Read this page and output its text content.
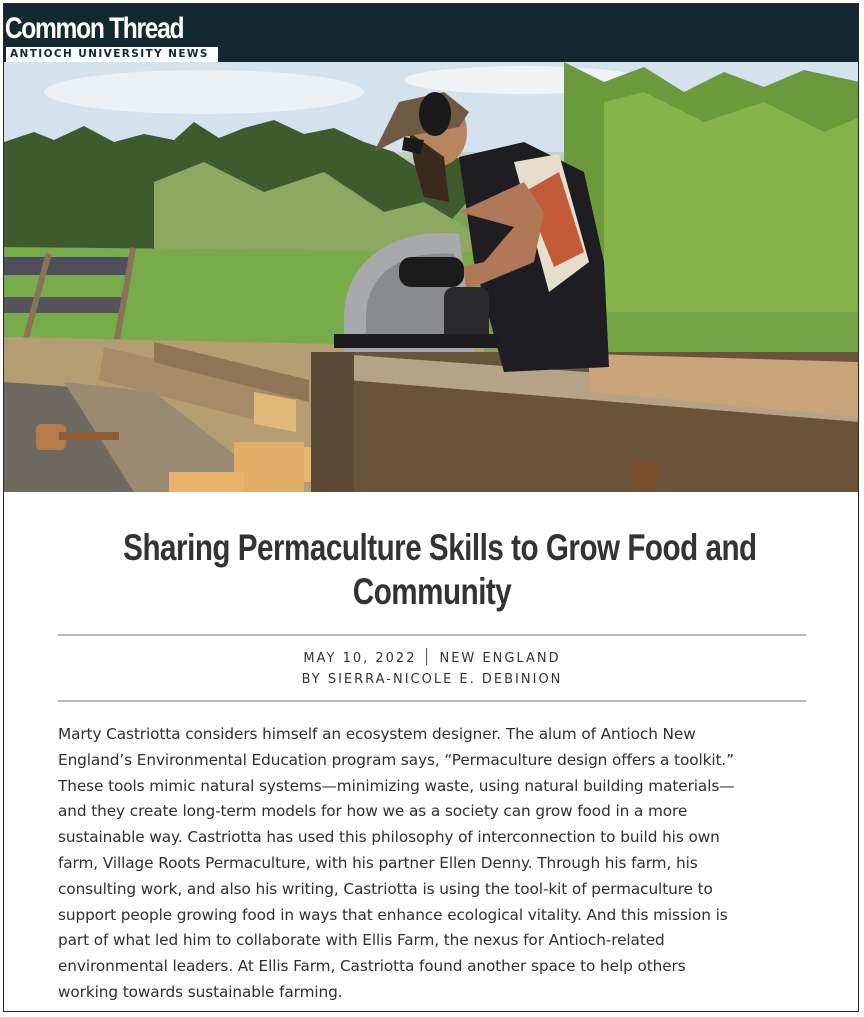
Common Thread
ANTIOCH UNIVERSITY NEWS
Sharing Permaculture Skills to Grow Food and
Community
MAY 10, 2022 NEW ENGLAND
BY SIERRA-NICOLE E. DEBINION

Marty Castriotta considers himself an ecosystem designer. The alum of Antioch New
England’s Environmental Education program says, “Permaculture design offers a toolkit.”
These tools mimic natural systems—minimizing waste, using natural building materials—
and they create long-term models for how we as a society can grow food in a more
sustainable way. Castriotta has used this philosophy of interconnection to build his own
farm, Village Roots Permaculture, with his partner Ellen Denny. Through his farm, his
consulting work, and also his writing, Castriotta is using the tool-kit of permaculture to
support people growing food in ways that enhance ecological vitality. And this mission is
part of what led him to collaborate with Ellis Farm, the nexus for Antioch-related
environmental leaders. At Ellis Farm, Castriotta found another space to help others
working towards sustainable farming.
